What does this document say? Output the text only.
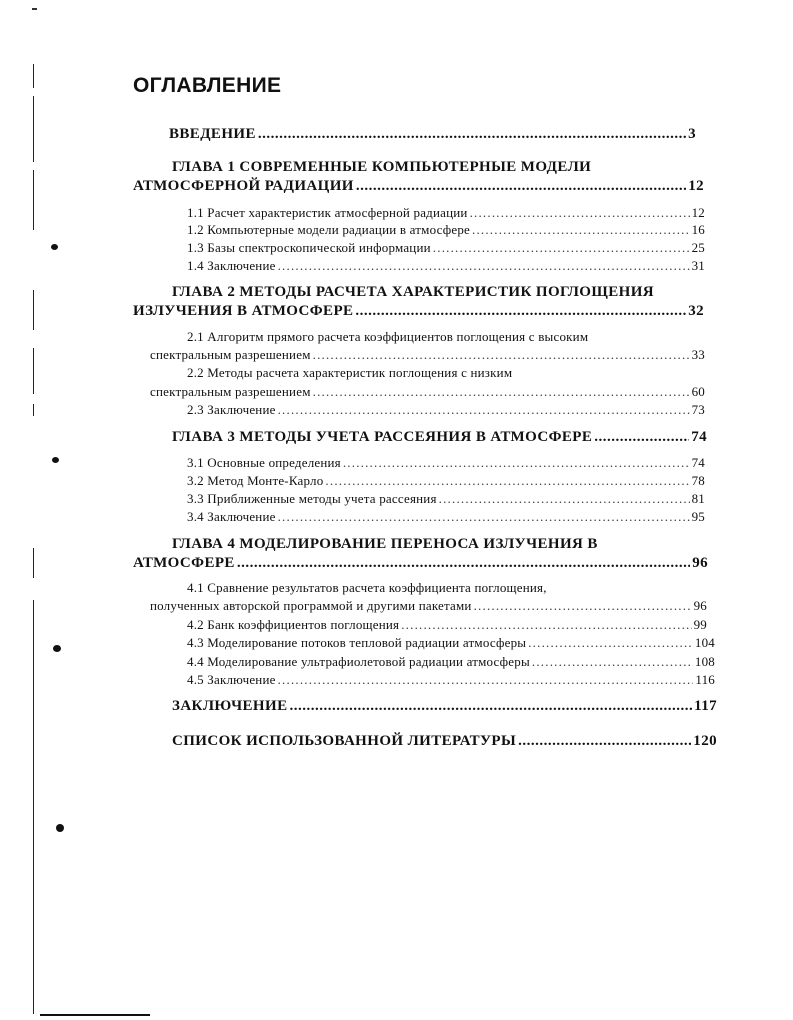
ОГЛАВЛЕНИЕ
ВВЕДЕНИЕ .....	3
ГЛАВА 1 СОВРЕМЕННЫЕ КОМПЬЮТЕРНЫЕ МОДЕЛИ
АТМОСФЕРНОЙ РАДИАЦИИ .....	12
1.1 Расчет характеристик атмосферной радиации .....	12
1.2 Компьютерные модели радиации в атмосфере .....	16
1.3 Базы спектроскопической информации .....	25
1.4 Заключение .....	31
ГЛАВА 2 МЕТОДЫ РАСЧЕТА ХАРАКТЕРИСТИК ПОГЛОЩЕНИЯ
ИЗЛУЧЕНИЯ В АТМОСФЕРЕ .....	32
2.1 Алгоритм прямого расчета коэффициентов поглощения с высоким
спектральным разрешением .....	33
2.2 Методы расчета характеристик поглощения с низким
спектральным разрешением .....	60
2.3 Заключение .....	73
ГЛАВА 3 МЕТОДЫ УЧЕТА РАССЕЯНИЯ В АТМОСФЕРЕ .....	74
3.1 Основные определения .....	74
3.2 Метод Монте-Карло .....	78
3.3 Приближенные методы учета рассеяния .....	81
3.4 Заключение .....	95
ГЛАВА 4 МОДЕЛИРОВАНИЕ ПЕРЕНОСА ИЗЛУЧЕНИЯ В
АТМОСФЕРЕ .....	96
4.1 Сравнение результатов расчета коэффициента поглощения,
полученных авторской программой и другими пакетами .....	96
4.2 Банк коэффициентов поглощения .....	99
4.3 Моделирование потоков тепловой радиации атмосферы .....	104
4.4 Моделирование ультрафиолетовой радиации атмосферы .....	108
4.5 Заключение .....	116
ЗАКЛЮЧЕНИЕ .....	117
СПИСОК ИСПОЛЬЗОВАННОЙ ЛИТЕРАТУРЫ .....	120
